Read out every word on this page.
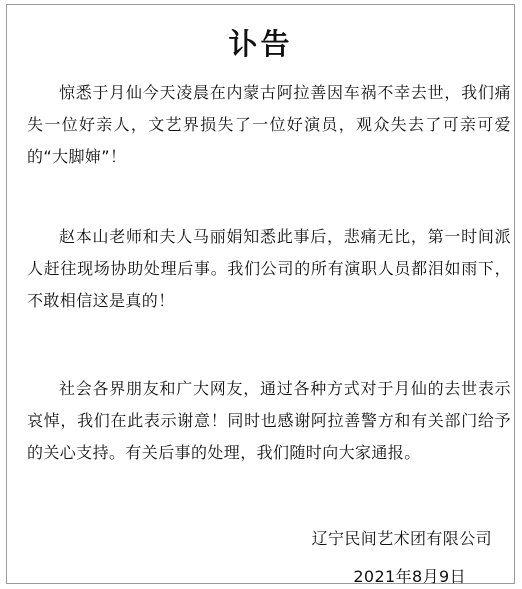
讣告

惊悉于月仙今天凌晨在内蒙古阿拉善因车祸不幸去世，我们痛失一位好亲人，文艺界损失了一位好演员，观众失去了可亲可爱的“大脚婶”！

赵本山老师和夫人马丽娟知悉此事后，悲痛无比，第一时间派人赶往现场协助处理后事。我们公司的所有演职人员都泪如雨下，不敢相信这是真的！

社会各界朋友和广大网友，通过各种方式对于月仙的去世表示哀悼，我们在此表示谢意！同时也感谢阿拉善警方和有关部门给予的关心支持。有关后事的处理，我们随时向大家通报。

辽宁民间艺术团有限公司
2021年8月9日
